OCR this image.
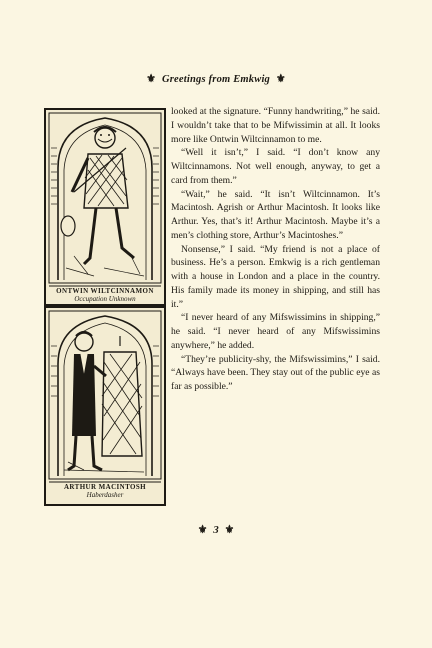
⚜ Greetings from Emkwig ⚜
ONTWIN WILTCINNAMON
Occupation Unknown
ARTHUR MACINTOSH
Haberdasher

looked at the signature. “Funny handwriting,” he said. I wouldn’t take that to be Mifwissimin at all. It looks more like Ontwin Wiltcinnamon to me.

“Well it isn’t,” I said. “I don’t know any Wiltcinnamons. Not well enough, anyway, to get a card from them.”

“Wait,” he said. “It isn’t Wiltcinnamon. It’s Macintosh. Agrish or Arthur Macintosh. It looks like Arthur. Yes, that’s it! Arthur Macintosh. Maybe it’s a men’s clothing store, Arthur’s Macintoshes.”

Nonsense,” I said. “My friend is not a place of business. He’s a person. Emkwig is a rich gentleman with a house in London and a place in the country. His family made its money in shipping, and still has it.”

“I never heard of any Mifswissimins in shipping,” he said. “I never heard of any Mifswissimins anywhere,” he added.

“They’re publicity-shy, the Mifswissimins,” I said. “Always have been. They stay out of the public eye as far as possible.”

⚜ 3 ⚜
